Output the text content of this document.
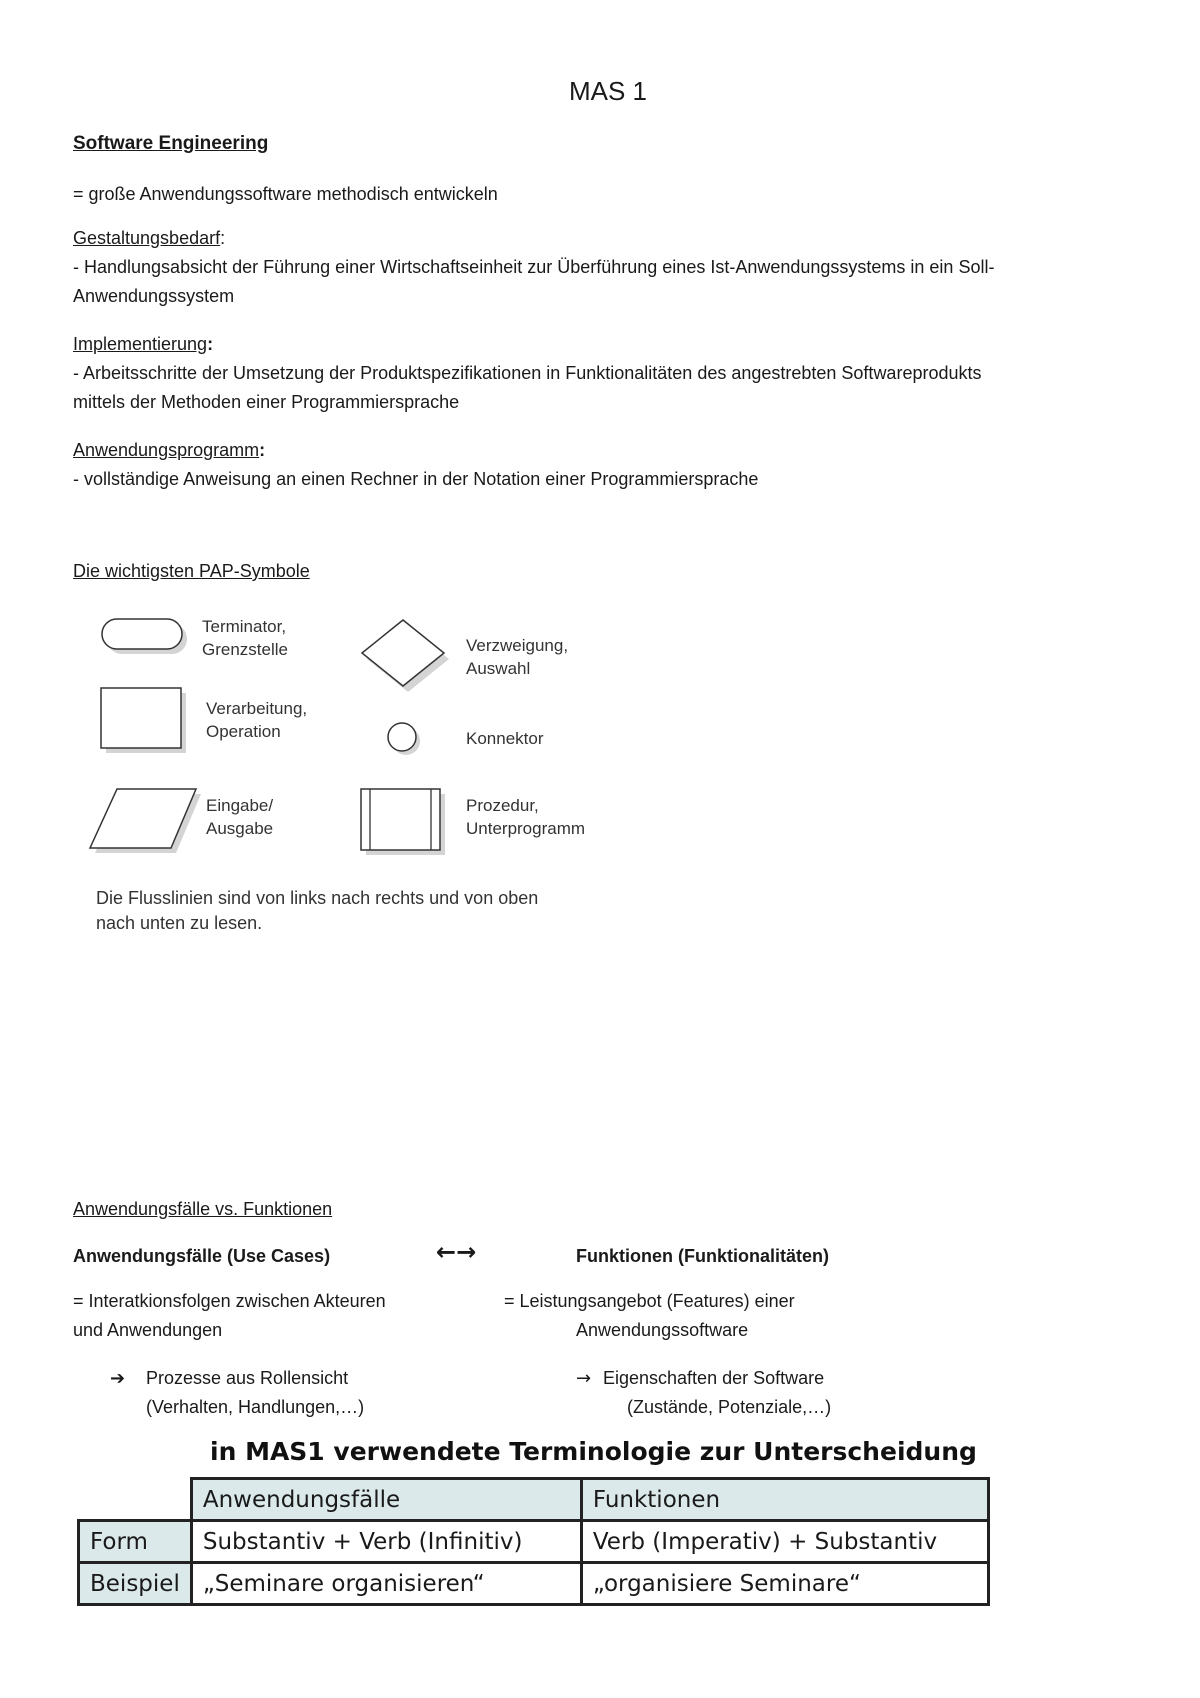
MAS 1
Software Engineering
= große Anwendungssoftware methodisch entwickeln
Gestaltungsbedarf:
- Handlungsabsicht der Führung einer Wirtschaftseinheit zur Überführung eines Ist-Anwendungssystems in ein Soll-
Anwendungssystem
Implementierung:
- Arbeitsschritte der Umsetzung der Produktspezifikationen in Funktionalitäten des angestrebten Softwareprodukts
mittels der Methoden einer Programmiersprache
Anwendungsprogramm:
- vollständige Anweisung an einen Rechner in der Notation einer Programmiersprache
Die wichtigsten PAP-Symbole
Terminator,
Grenzstelle
Verarbeitung,
Operation
Eingabe/
Ausgabe
Verzweigung,
Auswahl
Konnektor
Prozedur,
Unterprogramm
Die Flusslinien sind von links nach rechts und von oben
nach unten zu lesen.
Anwendungsfälle vs. Funktionen
Anwendungsfälle (Use Cases)	←→	Funktionen (Funktionalitäten)
= Interatkionsfolgen zwischen Akteuren
und Anwendungen
= Leistungsangebot (Features) einer
Anwendungssoftware
➔ Prozesse aus Rollensicht
(Verhalten, Handlungen,…)
→ Eigenschaften der Software
(Zustände, Potenziale,…)
in MAS1 verwendete Terminologie zur Unterscheidung
	Anwendungsfälle	Funktionen
Form	Substantiv + Verb (Infinitiv)	Verb (Imperativ) + Substantiv
Beispiel	„Seminare organisieren“	„organisiere Seminare“
